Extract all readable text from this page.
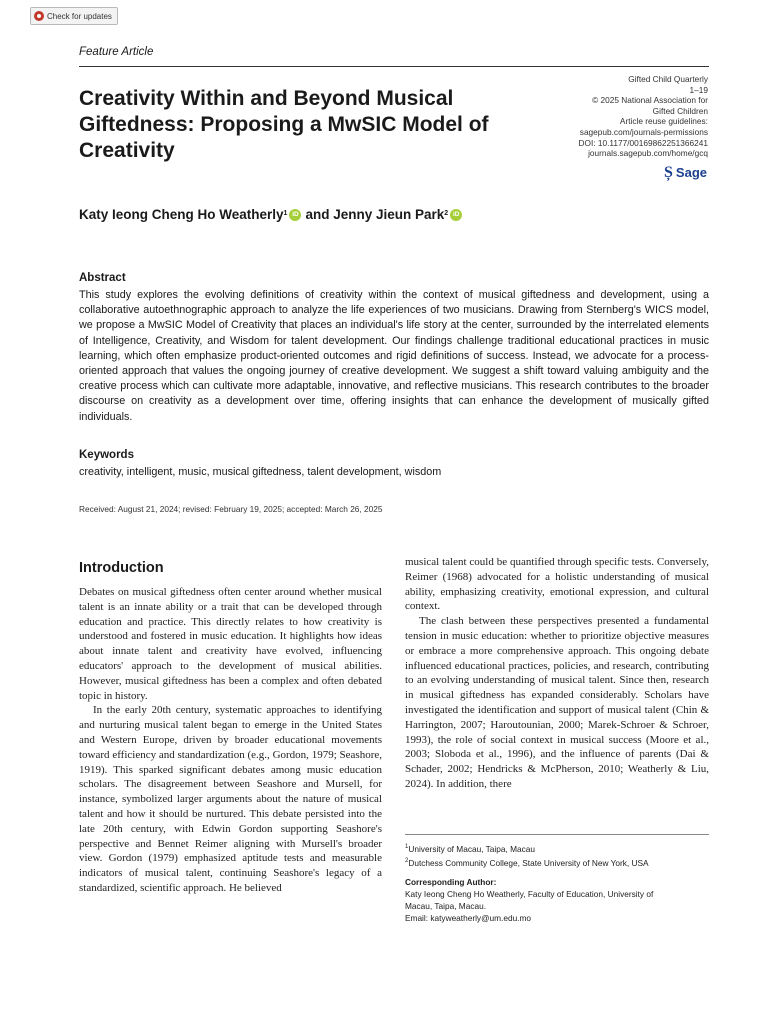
Check for updates
Feature Article
Creativity Within and Beyond Musical Giftedness: Proposing a MwSIC Model of Creativity
Gifted Child Quarterly
1–19
© 2025 National Association for
Gifted Children
Article reuse guidelines:
sagepub.com/journals-permissions
DOI: 10.1177/00169862251366241
journals.sagepub.com/home/gcq
Ș Sage
Katy Ieong Cheng Ho Weatherly$^1$ iD and
Jenny Jieun Park$^2$ iD
Abstract

This study explores the evolving definitions of creativity within the context of musical giftedness and development, using a collaborative autoethnographic approach to analyze the life experiences of two musicians. Drawing from Sternberg's WICS model, we propose a MwSIC Model of Creativity that places an individual's life story at the center, surrounded by the interrelated elements of Intelligence, Creativity, and Wisdom for talent development. Our findings challenge traditional educational practices in music learning, which often emphasize product-oriented outcomes and rigid definitions of success. Instead, we advocate for a process-oriented approach that values the ongoing journey of creative development. We suggest a shift toward valuing ambiguity and the creative process which can cultivate more adaptable, innovative, and reflective musicians. This research contributes to the broader discourse on creativity as a development over time, offering insights that can enhance the development of musically gifted individuals.

Keywords
creativity, intelligent, music, musical giftedness, talent development, wisdom
Received: August 21, 2024; revised: February 19, 2025; accepted: March 26, 2025
Introduction

Debates on musical giftedness often center around whether musical talent is an innate ability or a trait that can be developed through education and practice. This directly relates to how creativity is understood and fostered in music education. It highlights how ideas about innate talent and creativity have evolved, influencing educators' approach to the development of musical abilities. However, musical giftedness has been a complex and often debated topic in history.

In the early 20th century, systematic approaches to identifying and nurturing musical talent began to emerge in the United States and Western Europe, driven by broader educational movements toward efficiency and standardization (e.g., Gordon, 1979; Seashore, 1919). This sparked significant debates among music education scholars. The disagreement between Seashore and Mursell, for instance, symbolized larger arguments about the nature of musical talent and how it should be nurtured. This debate persisted into the late 20th century, with Edwin Gordon supporting Seashore's perspective and Bennet Reimer aligning with Mursell's broader view. Gordon (1979) emphasized aptitude tests and measurable indicators of musical talent, continuing Seashore's legacy of a standardized, scientific approach. He believed

musical talent could be quantified through specific tests. Conversely, Reimer (1968) advocated for a holistic understanding of musical ability, emphasizing creativity, emotional expression, and cultural context.

The clash between these perspectives presented a fundamental tension in music education: whether to prioritize objective measures or embrace a more comprehensive approach. This ongoing debate influenced educational practices, policies, and research, contributing to an evolving understanding of musical talent. Since then, research in musical giftedness has expanded considerably. Scholars have investigated the identification and support of musical talent (Chin & Harrington, 2007; Haroutounian, 2000; Marek-Schroer & Schroer, 1993), the role of social context in musical success (Moore et al., 2003; Sloboda et al., 1996), and the influence of parents (Dai & Schader, 2002; Hendricks & McPherson, 2010; Weatherly & Liu, 2024). In addition, there

$^1$University of Macau, Taipa, Macau
$^2$Dutchess Community College, State University of New York, USA
Corresponding Author:
Katy Ieong Cheng Ho Weatherly, Faculty of Education, University of
Macau, Taipa, Macau.
Email: katyweatherly@um.edu.mo
